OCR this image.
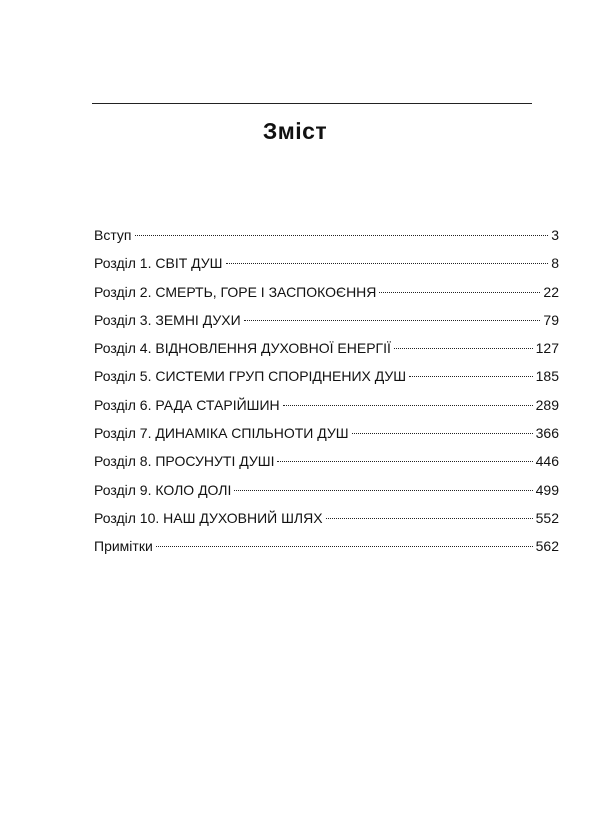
Зміст
Вступ	3
Розділ 1. СВІТ ДУШ	8
Розділ 2. СМЕРТЬ, ГОРЕ І ЗАСПОКОЄННЯ	22
Розділ 3. ЗЕМНІ ДУХИ	79
Розділ 4. ВІДНОВЛЕННЯ ДУХОВНОЇ ЕНЕРГІЇ	127
Розділ 5. СИСТЕМИ ГРУП СПОРІДНЕНИХ ДУШ	185
Розділ 6. РАДА СТАРІЙШИН	289
Розділ 7. ДИНАМІКА СПІЛЬНОТИ ДУШ	366
Розділ 8. ПРОСУНУТІ ДУШІ	446
Розділ 9. КОЛО ДОЛІ	499
Розділ 10. НАШ ДУХОВНИЙ ШЛЯХ	552
Примітки	562
